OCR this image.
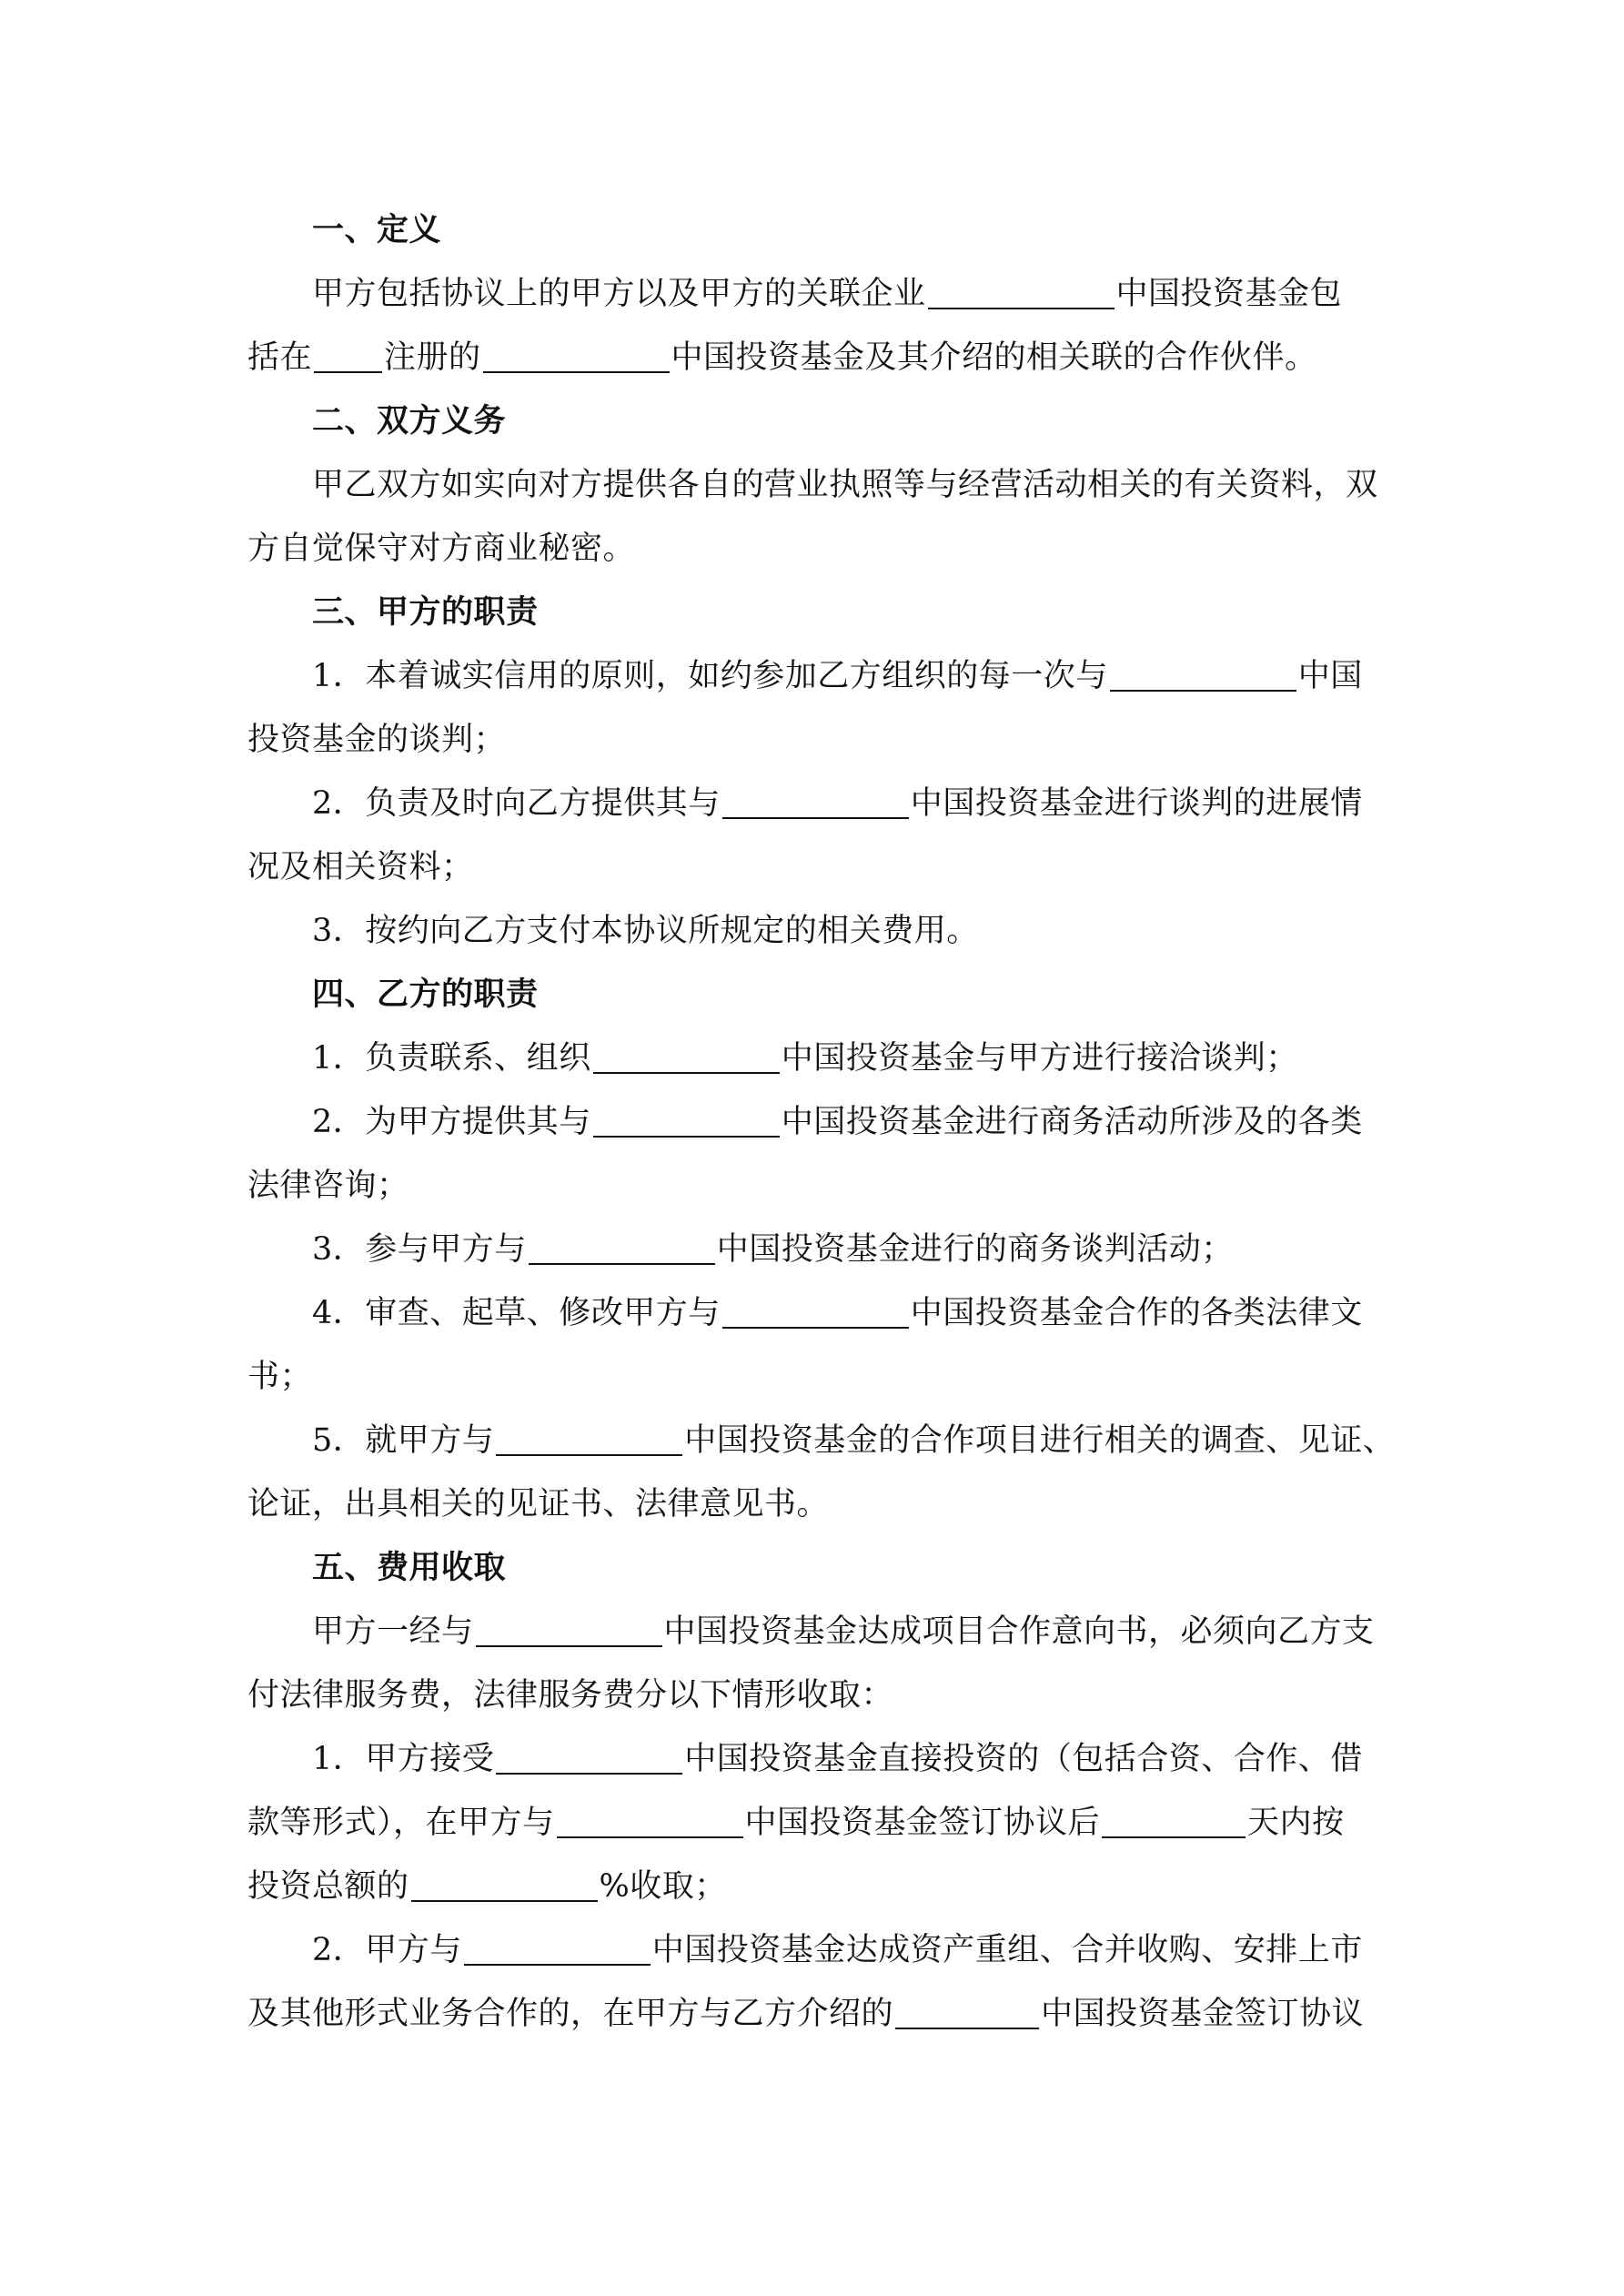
一、定义
甲方包括协议上的甲方以及甲方的关联企业	中国投资基金包
括在 注册的	中国投资基金及其介绍的相关联的合作伙伴。
二、双方义务
甲乙双方如实向对方提供各自的营业执照等与经营活动相关的有关资料，双
方自觉保守对方商业秘密。
三、甲方的职责
1．本着诚实信用的原则，如约参加乙方组织的每一次与	中国
投资基金的谈判；
2．负责及时向乙方提供其与	中国投资基金进行谈判的进展情
况及相关资料；
3．按约向乙方支付本协议所规定的相关费用。
四、乙方的职责
1．负责联系、组织	中国投资基金与甲方进行接洽谈判；
2．为甲方提供其与	中国投资基金进行商务活动所涉及的各类
法律咨询；
3．参与甲方与	中国投资基金进行的商务谈判活动；
4．审查、起草、修改甲方与	中国投资基金合作的各类法律文
书；
5．就甲方与	中国投资基金的合作项目进行相关的调查、见证、
论证，出具相关的见证书、法律意见书。
五、费用收取
甲方一经与	中国投资基金达成项目合作意向书，必须向乙方支
付法律服务费，法律服务费分以下情形收取：
1．甲方接受	中国投资基金直接投资的（包括合资、合作、借
款等形式），在甲方与	中国投资基金签订协议后	天内按
投资总额的	%收取；
2．甲方与	中国投资基金达成资产重组、合并收购、安排上市
及其他形式业务合作的，在甲方与乙方介绍的	中国投资基金签订协议
